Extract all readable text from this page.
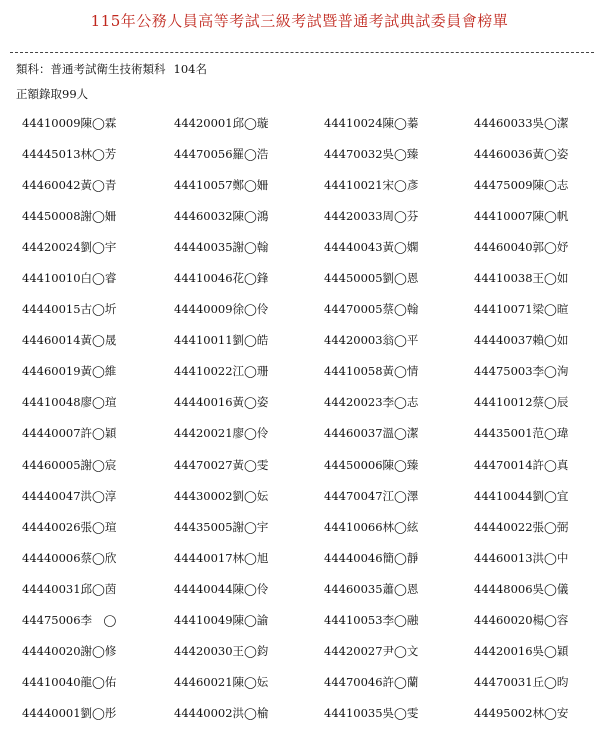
115年公務人員高等考試三級考試暨普通考試典試委員會榜單
類科：普通考試衛生技術類科 104名
正額錄取99人
44410009陳◯霖	44420001邱◯璇	44410024陳◯蓁	44460033吳◯潔
44445013林◯芳	44470056羅◯浩	44470032吳◯臻	44460036黃◯姿
44460042黃◯青	44410057鄭◯姍	44410021宋◯彥	44475009陳◯志
44450008謝◯姍	44460032陳◯鴻	44420033周◯芬	44410007陳◯帆
44420024劉◯宇	44440035謝◯翰	44440043黃◯嫻	44460040郭◯妤
44410010白◯睿	44410046花◯鋒	44450005劉◯恩	44410038王◯如
44440015古◯圻	44440009徐◯伶	44470005蔡◯翰	44410071梁◯暄
44460014黃◯晟	44410011劉◯皓	44420003翁◯平	44440037賴◯如
44460019黃◯維	44410022江◯珊	44410058黃◯情	44475003李◯洵
44410048廖◯瑄	44440016黃◯姿	44420023李◯志	44410012蔡◯辰
44440007許◯穎	44420021廖◯伶	44460037溫◯潔	44435001范◯瑋
44460005謝◯宸	44470027黃◯雯	44450006陳◯臻	44470014許◯真
44440047洪◯淳	44430002劉◯妘	44470047江◯澤	44410044劉◯宜
44440026張◯瑄	44435005謝◯宇	44410066林◯絃	44440022張◯弼
44440006蔡◯欣	44440017林◯旭	44440046簡◯靜	44460013洪◯中
44440031邱◯茵	44440044陳◯伶	44460035蕭◯恩	44448006吳◯儀
44475006李　◯	44410049陳◯諭	44410053李◯融	44460020楊◯容
44440020謝◯修	44420030王◯鈞	44420027尹◯文	44420016吳◯穎
44410040龍◯佑	44460021陳◯妘	44470046許◯蘭	44470031丘◯昀
44440001劉◯彤	44440002洪◯榆	44410035吳◯雯	44495002林◯安
